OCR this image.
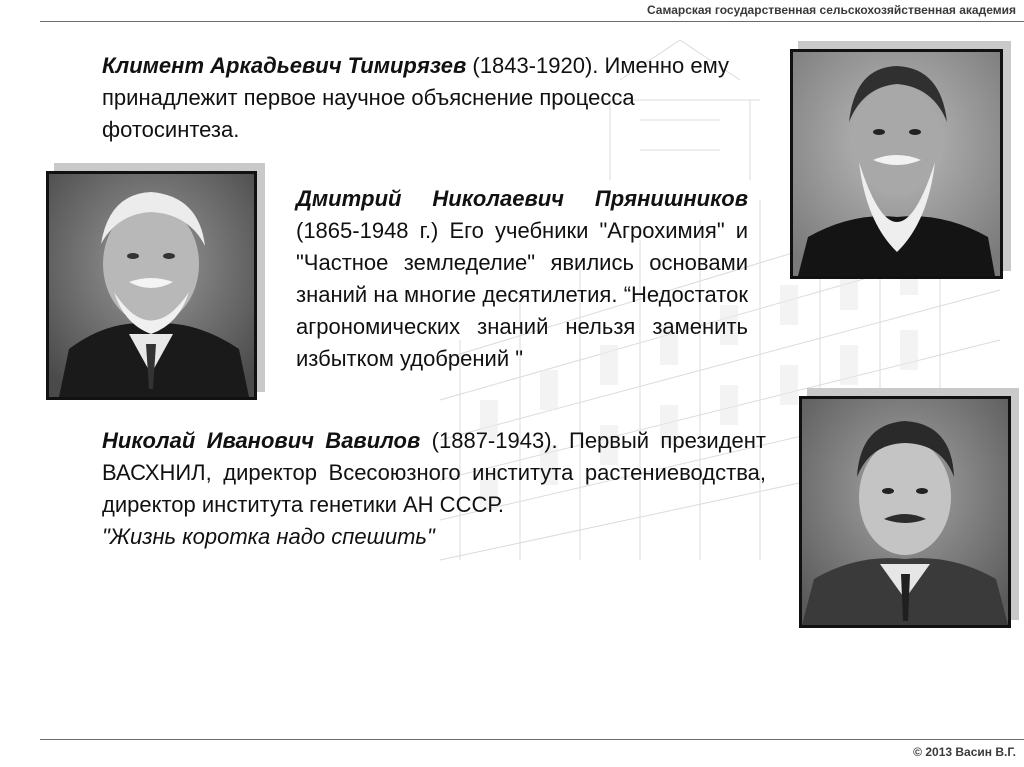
Самарская государственная сельскохозяйственная академия
Климент Аркадьевич Тимирязев (1843-1920). Именно ему принадлежит первое научное объяснение процесса фотосинтеза.
Дмитрий Николаевич Прянишников (1865-1948 г.) Его учебники "Агрохимия" и "Частное земледелие" явились основами знаний на многие десятилетия. “Недостаток агрономических знаний нельзя заменить избытком удобрений "
Николай Иванович Вавилов (1887-1943). Первый президент ВАСХНИЛ, директор Всесоюзного института растениеводства, директор института генетики АН СССР.
"Жизнь коротка надо спешить"
© 2013 Васин В.Г.
